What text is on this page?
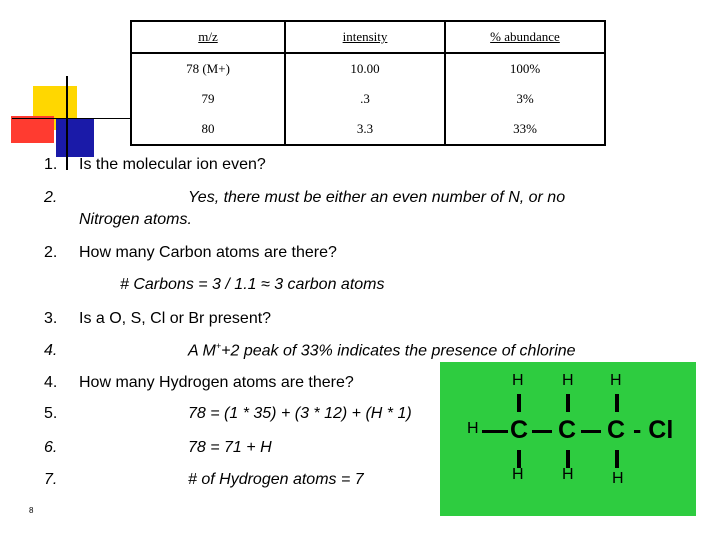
m/z	intensity	% abundance
78 (M+)	10.00	100%
79	.3	3%
80	3.3	33%
1. Is the molecular ion even?
2.	Yes, there must be either an even number of N, or no
Nitrogen atoms.
2. How many Carbon atoms are there?
# Carbons = 3 / 1.1 ≈ 3 carbon atoms
3. Is a O, S, Cl or Br present?
4.	A M++2 peak of 33% indicates the presence of chlorine
4. How many Hydrogen atoms are there?
5.	78 = (1 * 35) + (3 * 12) + (H * 1)
6.	78 = 71 + H
7.	# of Hydrogen atoms = 7
H H H
H C C C - Cl
H H H
8
